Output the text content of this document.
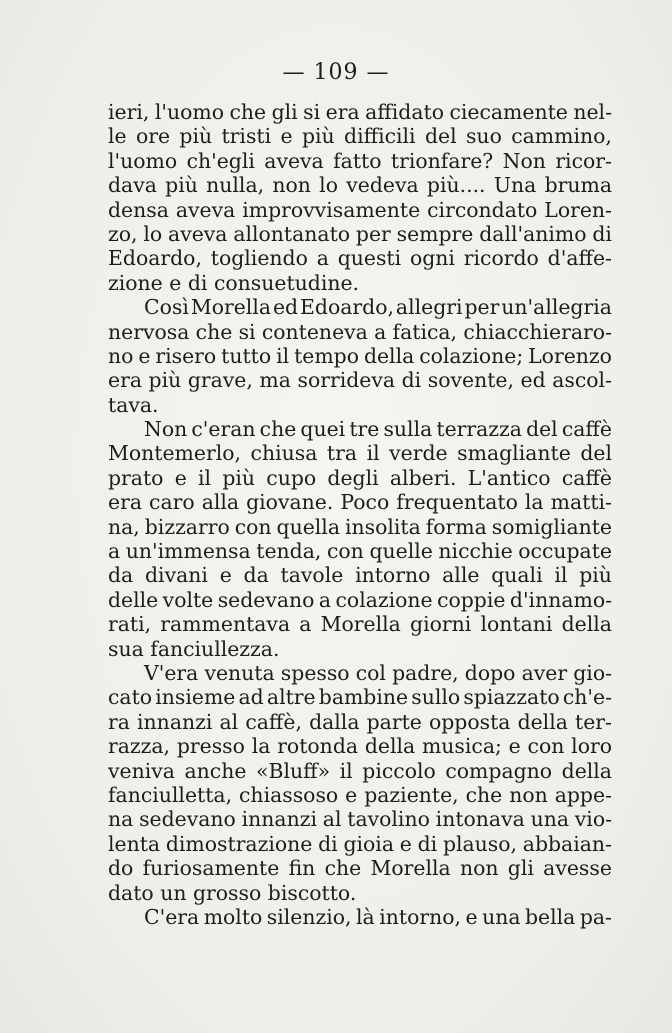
— 109 —
ieri, l'uomo che gli si era affidato ciecamente nel-
le ore più tristi e più difficili del suo cammino,
l'uomo ch'egli aveva fatto trionfare? Non ricor-
dava più nulla, non lo vedeva più.... Una bruma
densa aveva improvvisamente circondato Loren-
zo, lo aveva allontanato per sempre dall'animo di
Edoardo, togliendo a questi ogni ricordo d'affe-
zione e di consuetudine.
Così Morella ed Edoardo, allegri per un'allegria
nervosa che si conteneva a fatica, chiacchieraro-
no e risero tutto il tempo della colazione; Lorenzo
era più grave, ma sorrideva di sovente, ed ascol-
tava.
Non c'eran che quei tre sulla terrazza del caffè
Montemerlo, chiusa tra il verde smagliante del
prato e il più cupo degli alberi. L'antico caffè
era caro alla giovane. Poco frequentato la matti-
na, bizzarro con quella insolita forma somigliante
a un'immensa tenda, con quelle nicchie occupate
da divani e da tavole intorno alle quali il più
delle volte sedevano a colazione coppie d'innamo-
rati, rammentava a Morella giorni lontani della
sua fanciullezza.
V'era venuta spesso col padre, dopo aver gio-
cato insieme ad altre bambine sullo spiazzato ch'e-
ra innanzi al caffè, dalla parte opposta della ter-
razza, presso la rotonda della musica; e con loro
veniva anche «Bluff» il piccolo compagno della
fanciulletta, chiassoso e paziente, che non appe-
na sedevano innanzi al tavolino intonava una vio-
lenta dimostrazione di gioia e di plauso, abbaian-
do furiosamente fin che Morella non gli avesse
dato un grosso biscotto.
C'era molto silenzio, là intorno, e una bella pa-
